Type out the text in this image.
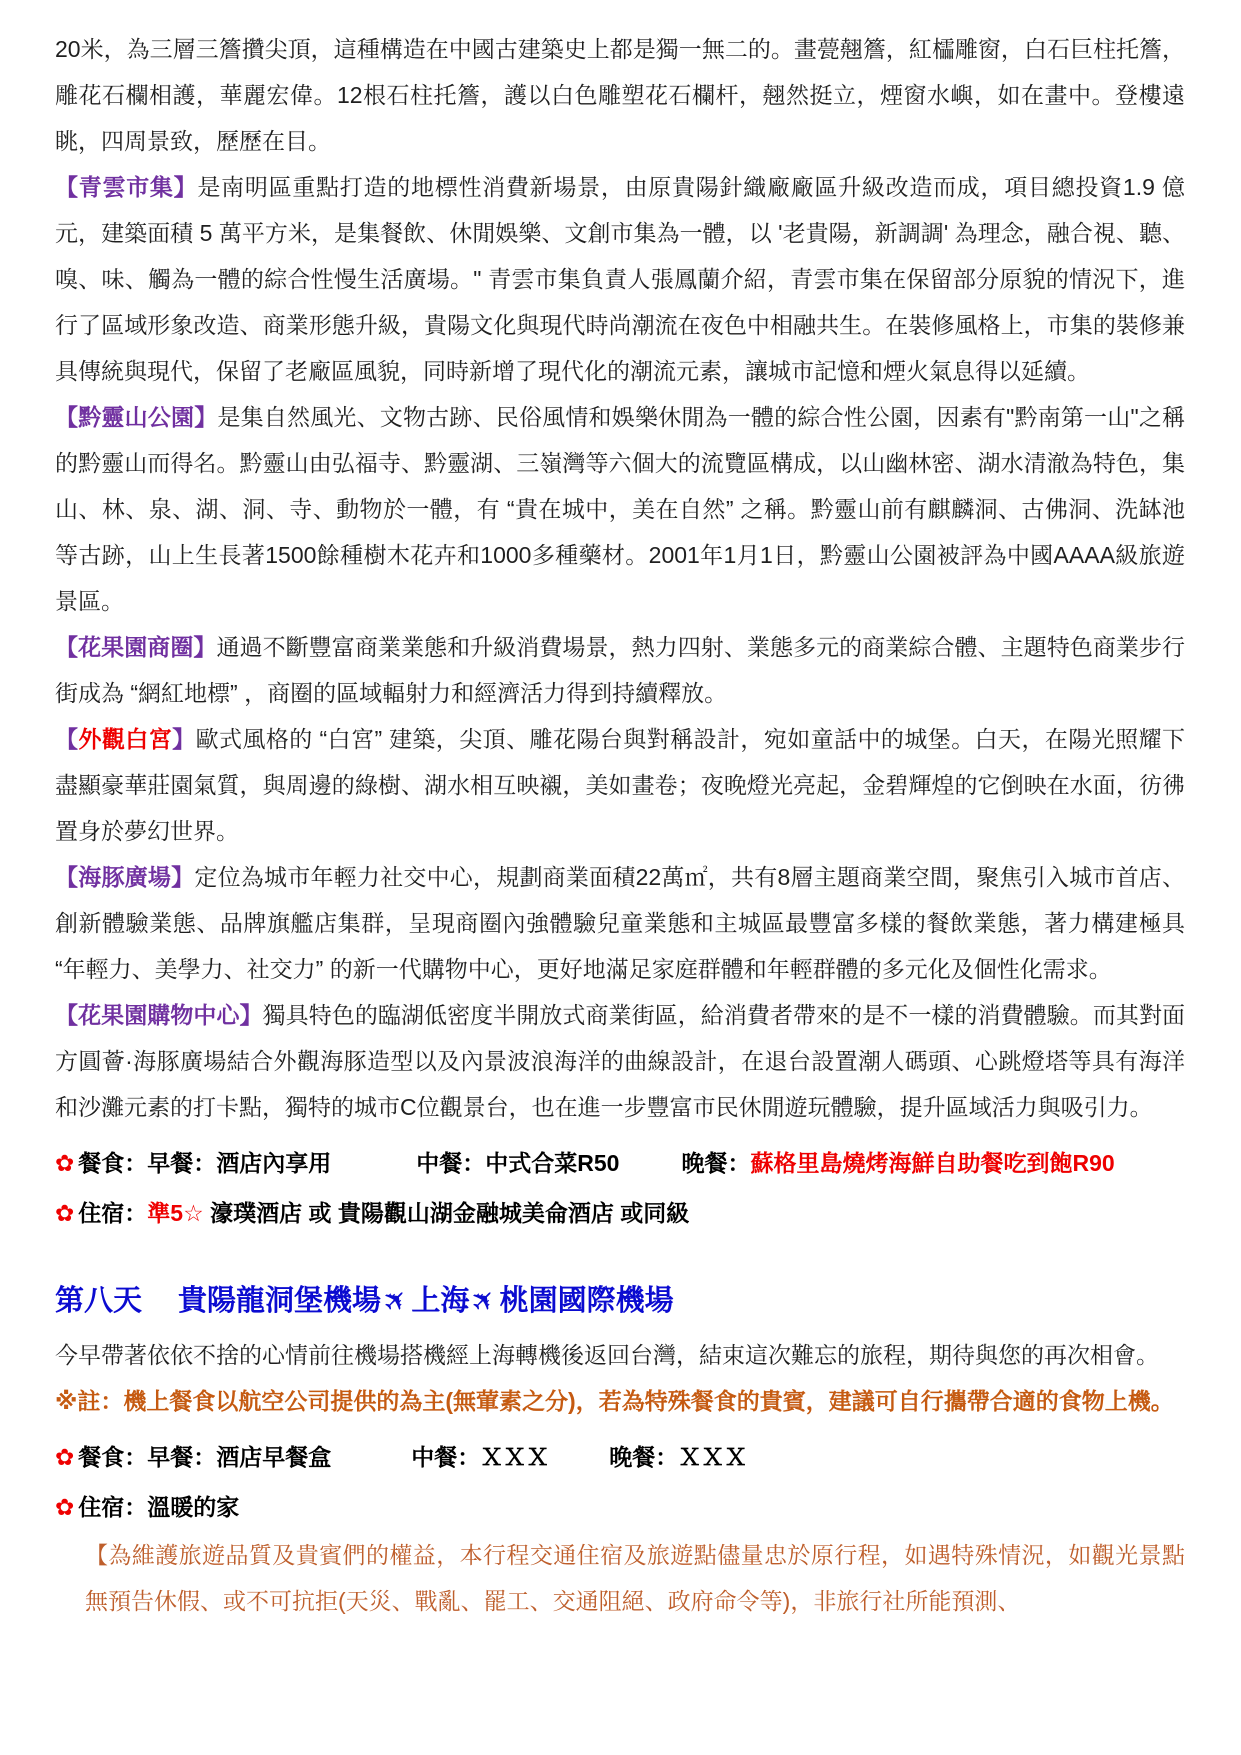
20米，為三層三簷攢尖頂，這種構造在中國古建築史上都是獨一無二的。畫甍翹簷，紅櫺雕窗，白石巨柱托簷，雕花石欄相護，華麗宏偉。12根石柱托簷，護以白色雕塑花石欄杆，翹然挺立，煙窗水嶼，如在畫中。登樓遠眺，四周景致，歷歷在目。

【青雲市集】是南明區重點打造的地標性消費新場景，由原貴陽針織廠廠區升級改造而成，項目總投資1.9 億元，建築面積 5 萬平方米，是集餐飲、休閒娛樂、文創市集為一體，以 '老貴陽，新調調' 為理念，融合視、聽、嗅、味、觸為一體的綜合性慢生活廣場。" 青雲市集負責人張鳳蘭介紹，青雲市集在保留部分原貌的情況下，進行了區域形象改造、商業形態升級，貴陽文化與現代時尚潮流在夜色中相融共生。在裝修風格上，市集的裝修兼具傳統與現代，保留了老廠區風貌，同時新增了現代化的潮流元素，讓城市記憶和煙火氣息得以延續。

【黔靈山公園】是集自然風光、文物古跡、民俗風情和娛樂休閒為一體的綜合性公園，因素有"黔南第一山"之稱的黔靈山而得名。黔靈山由弘福寺、黔靈湖、三嶺灣等六個大的流覽區構成，以山幽林密、湖水清澈為特色，集山、林、泉、湖、洞、寺、動物於一體，有 “貴在城中，美在自然” 之稱。黔靈山前有麒麟洞、古佛洞、洗缽池等古跡，山上生長著1500餘種樹木花卉和1000多種藥材。2001年1月1日，黔靈山公園被評為中國AAAA級旅遊景區。

【花果園商圈】通過不斷豐富商業業態和升級消費場景，熱力四射、業態多元的商業綜合體、主題特色商業步行街成為 “網紅地標” ，商圈的區域輻射力和經濟活力得到持續釋放。

【外觀白宮】歐式風格的 “白宮” 建築，尖頂、雕花陽台與對稱設計，宛如童話中的城堡。白天，在陽光照耀下盡顯豪華莊園氣質，與周邊的綠樹、湖水相互映襯，美如畫卷；夜晚燈光亮起，金碧輝煌的它倒映在水面，彷彿置身於夢幻世界。

【海豚廣場】定位為城市年輕力社交中心，規劃商業面積22萬㎡，共有8層主題商業空間，聚焦引入城市首店、創新體驗業態、品牌旗艦店集群，呈現商圈內強體驗兒童業態和主城區最豐富多樣的餐飲業態，著力構建極具 “年輕力、美學力、社交力” 的新一代購物中心，更好地滿足家庭群體和年輕群體的多元化及個性化需求。

【花果園購物中心】獨具特色的臨湖低密度半開放式商業街區，給消費者帶來的是不一樣的消費體驗。而其對面方圓薈·海豚廣場結合外觀海豚造型以及內景波浪海洋的曲線設計，在退台設置潮人碼頭、心跳燈塔等具有海洋和沙灘元素的打卡點，獨特的城市C位觀景台，也在進一步豐富市民休閒遊玩體驗，提升區域活力與吸引力。

✿ 餐食：早餐：酒店內享用	中餐：中式合菜R50	晚餐：蘇格里島燒烤海鮮自助餐吃到飽R90

✿ 住宿：準5☆ 濠璞酒店 或 貴陽觀山湖金融城美侖酒店 或同級

第八天 貴陽龍洞堡機場✈上海✈桃園國際機場

今早帶著依依不捨的心情前往機場搭機經上海轉機後返回台灣，結束這次難忘的旅程，期待與您的再次相會。

※註： 機上餐食以航空公司提供的為主(無葷素之分)，若為特殊餐食的貴賓，建議可自行攜帶合適的食物上機。

✿ 餐食：早餐：酒店早餐盒	中餐：ＸＸＸ	晚餐：ＸＸＸ

✿ 住宿：溫暖的家

【為維護旅遊品質及貴賓們的權益，本行程交通住宿及旅遊點儘量忠於原行程，如遇特殊情況，如觀光景點無預告休假、或不可抗拒(天災、戰亂、罷工、交通阻絕、政府命令等)，非旅行社所能預測、
